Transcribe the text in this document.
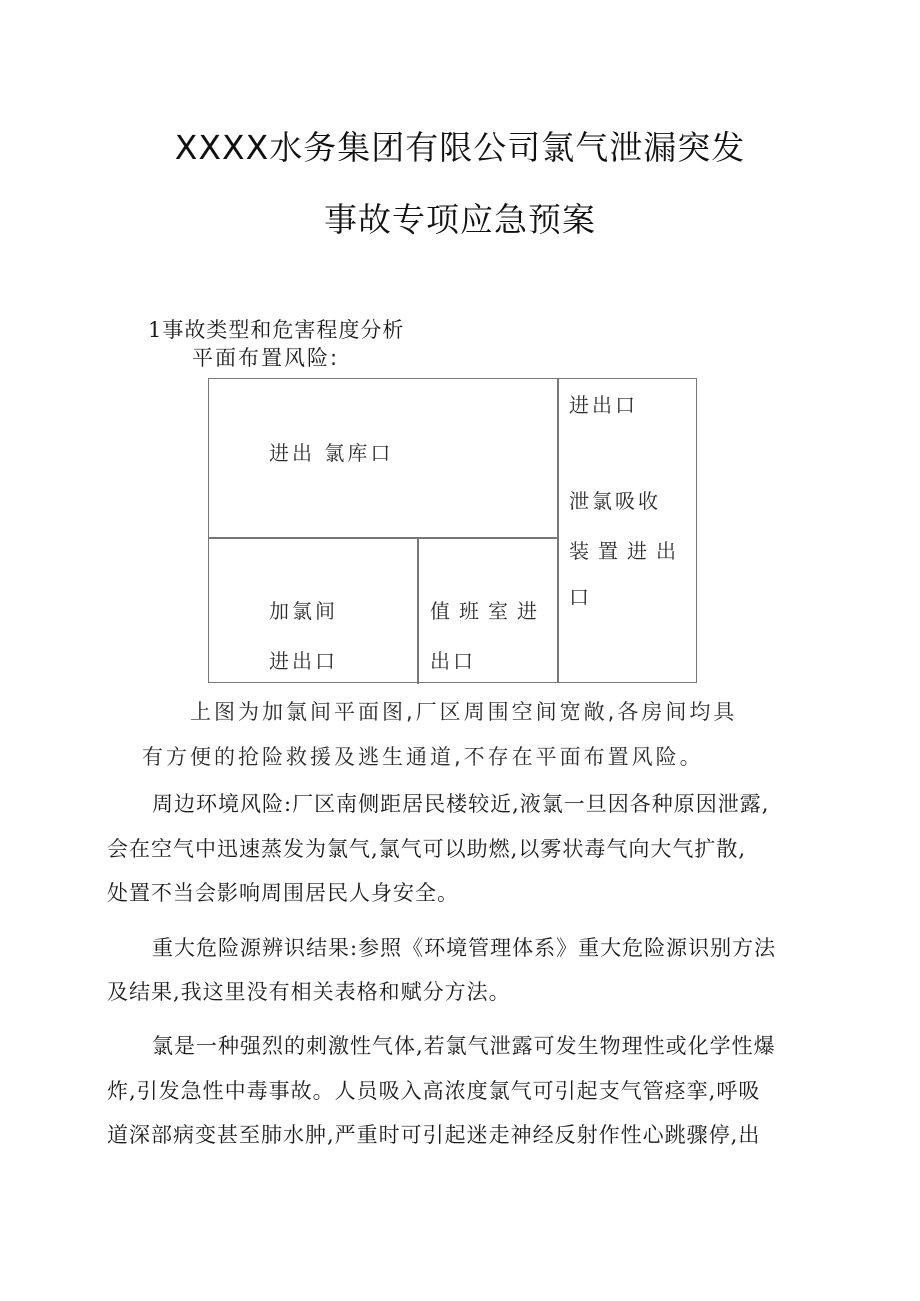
XXXX水务集团有限公司氯气泄漏突发
事故专项应急预案
1事故类型和危害程度分析
平面布置风险:
进出 氯库口
进出口
泄氯吸收
装置进出
口
加氯间
进出口
值班室进
出口
上图为加氯间平面图,厂区周围空间宽敞,各房间均具
有方便的抢险救援及逃生通道,不存在平面布置风险。
周边环境风险:厂区南侧距居民楼较近,液氯一旦因各种原因泄露,
会在空气中迅速蒸发为氯气,氯气可以助燃,以雾状毒气向大气扩散,
处置不当会影响周围居民人身安全。
重大危险源辨识结果:参照《环境管理体系》重大危险源识别方法
及结果,我这里没有相关表格和赋分方法。
氯是一种强烈的刺激性气体,若氯气泄露可发生物理性或化学性爆
炸,引发急性中毒事故。人员吸入高浓度氯气可引起支气管痉挛,呼吸
道深部病变甚至肺水肿,严重时可引起迷走神经反射作性心跳骤停,出
